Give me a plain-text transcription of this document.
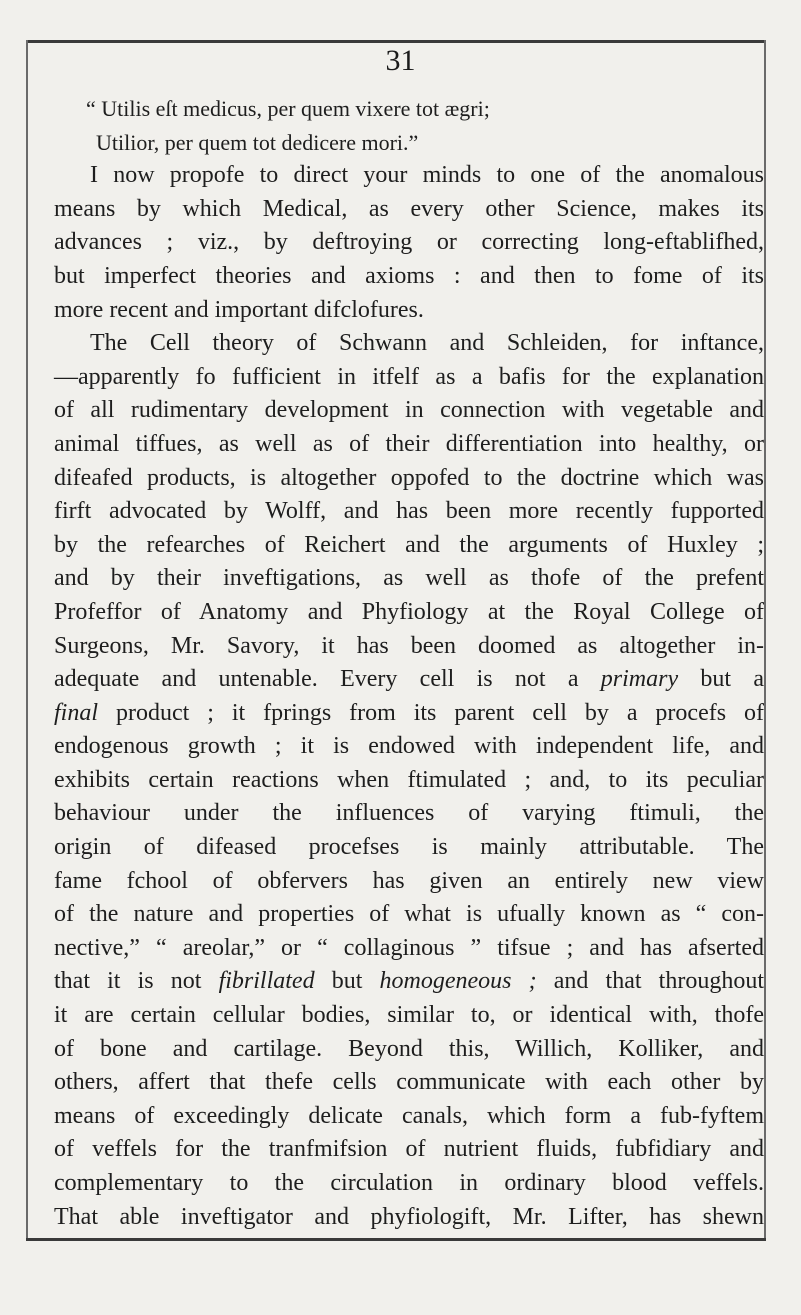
31
“ Utilis eſt medicus, per quem vixere tot ægri;
Utilior, per quem tot dedicere mori.”
I now propofe to direct your minds to one of the anomalous
means by which Medical, as every other Science, makes its
advances ; viz., by deftroying or correcting long-eftablifhed,
but imperfect theories and axioms : and then to fome of its
more recent and important difclofures.
The Cell theory of Schwann and Schleiden, for inftance,
—apparently fo fufficient in itfelf as a bafis for the explanation
of all rudimentary development in connection with vegetable and
animal tiffues, as well as of their differentiation into healthy, or
difeafed products, is altogether oppofed to the doctrine which was
firft advocated by Wolff, and has been more recently fupported
by the refearches of Reichert and the arguments of Huxley ;
and by their inveftigations, as well as thofe of the prefent
Profeffor of Anatomy and Phyfiology at the Royal College of
Surgeons, Mr. Savory, it has been doomed as altogether in-
adequate and untenable. Every cell is not a primary but a
final product ; it fprings from its parent cell by a procefs of
endogenous growth ; it is endowed with independent life, and
exhibits certain reactions when ftimulated ; and, to its peculiar
behaviour under the influences of varying ftimuli, the
origin of difeased procefses is mainly attributable. The
fame fchool of obfervers has given an entirely new view
of the nature and properties of what is ufually known as “ con-
nective,” “ areolar,” or “ collaginous ” tifsue ; and has afserted
that it is not fibrillated but homogeneous ; and that throughout
it are certain cellular bodies, similar to, or identical with, thofe
of bone and cartilage. Beyond this, Willich, Kolliker, and
others, affert that thefe cells communicate with each other by
means of exceedingly delicate canals, which form a fub-fyftem
of veffels for the tranfmifsion of nutrient fluids, fubfidiary and
complementary to the circulation in ordinary blood veffels.
That able inveftigator and phyfiologift, Mr. Lifter, has shewn
